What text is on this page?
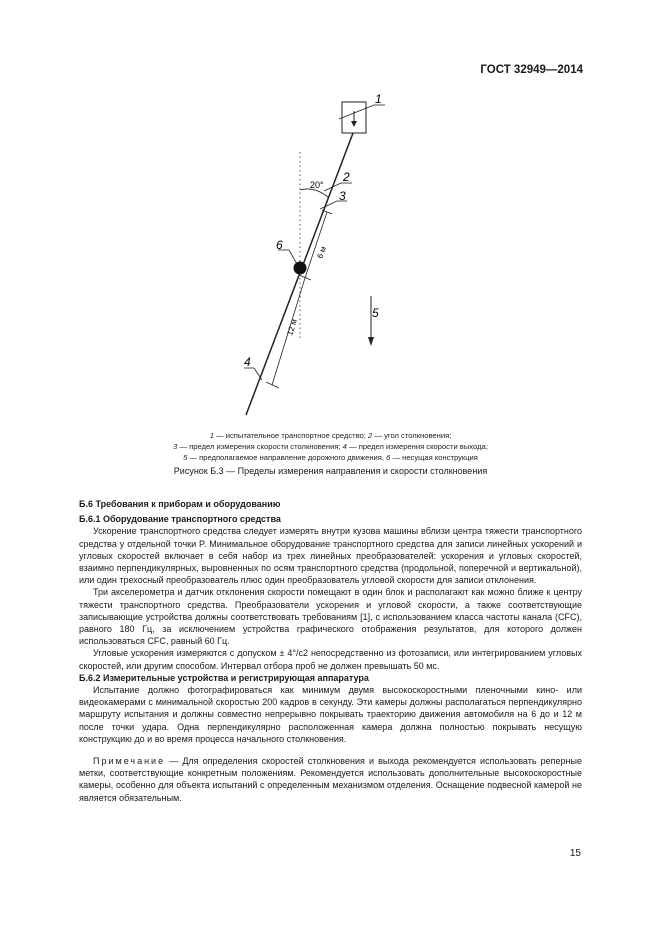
ГОСТ 32949—2014
1
2
3
4
5
6
20°
6 м
12 м
1 — испытательное транспортное средство; 2 — угол столкновения;
3 — предел измерения скорости столкновения; 4 — предел измерения скорости выхода;
5 — предполагаемое направление дорожного движения, 6 — несущая конструкция
Рисунок Б.3 — Пределы измерения направления и скорости столкновения
Б.6 Требования к приборам и оборудованию
Б.6.1 Оборудование транспортного средства

Ускорение транспортного средства следует измерять внутри кузова машины вблизи центра тяжести транспортного средства у отдельной точки P. Минимальное оборудование транспортного средства для записи линейных ускорений и угловых скоростей включает в себя набор из трех линейных преобразователей: ускорения и угловых скоростей, взаимно перпендикулярных, выровненных по осям транспортного средства (продольной, поперечной и вертикальной), или один трехосный преобразователь плюс один преобразователь угловой скорости для записи отклонения.

Три акселерометра и датчик отклонения скорости помещают в один блок и располагают как можно ближе к центру тяжести транспортного средства. Преобразователи ускорения и угловой скорости, а также соответствующие записывающие устройства должны соответствовать требованиям [1], с использованием класса частоты канала (CFC), равного 180 Гц, за исключением устройства графического отображения результатов, для которого должен использоваться CFC, равный 60 Гц.

Угловые ускорения измеряются с допуском ± 4°/с2 непосредственно из фотозаписи, или интегрированием угловых скоростей, или другим способом. Интервал отбора проб не должен превышать 50 мс.

Б.6.2 Измерительные устройства и регистрирующая аппаратура

Испытание должно фотографироваться как минимум двумя высокоскоростными пленочными кино- или видеокамерами с минимальной скоростью 200 кадров в секунду. Эти камеры должны располагаться перпендикулярно маршруту испытания и должны совместно непрерывно покрывать траекторию движения автомобиля на 6 до и 12 м после точки удара. Одна перпендикулярно расположенная камера должна полностью покрывать несущую конструкцию до и во время процесса начального столкновения.

Примечание — Для определения скоростей столкновения и выхода рекомендуется использовать реперные метки, соответствующие конкретным положениям. Рекомендуется использовать дополнительные высокоскоростные камеры, особенно для объекта испытаний с определенным механизмом отделения. Оснащение подвесной камерой не является обязательным.

15
